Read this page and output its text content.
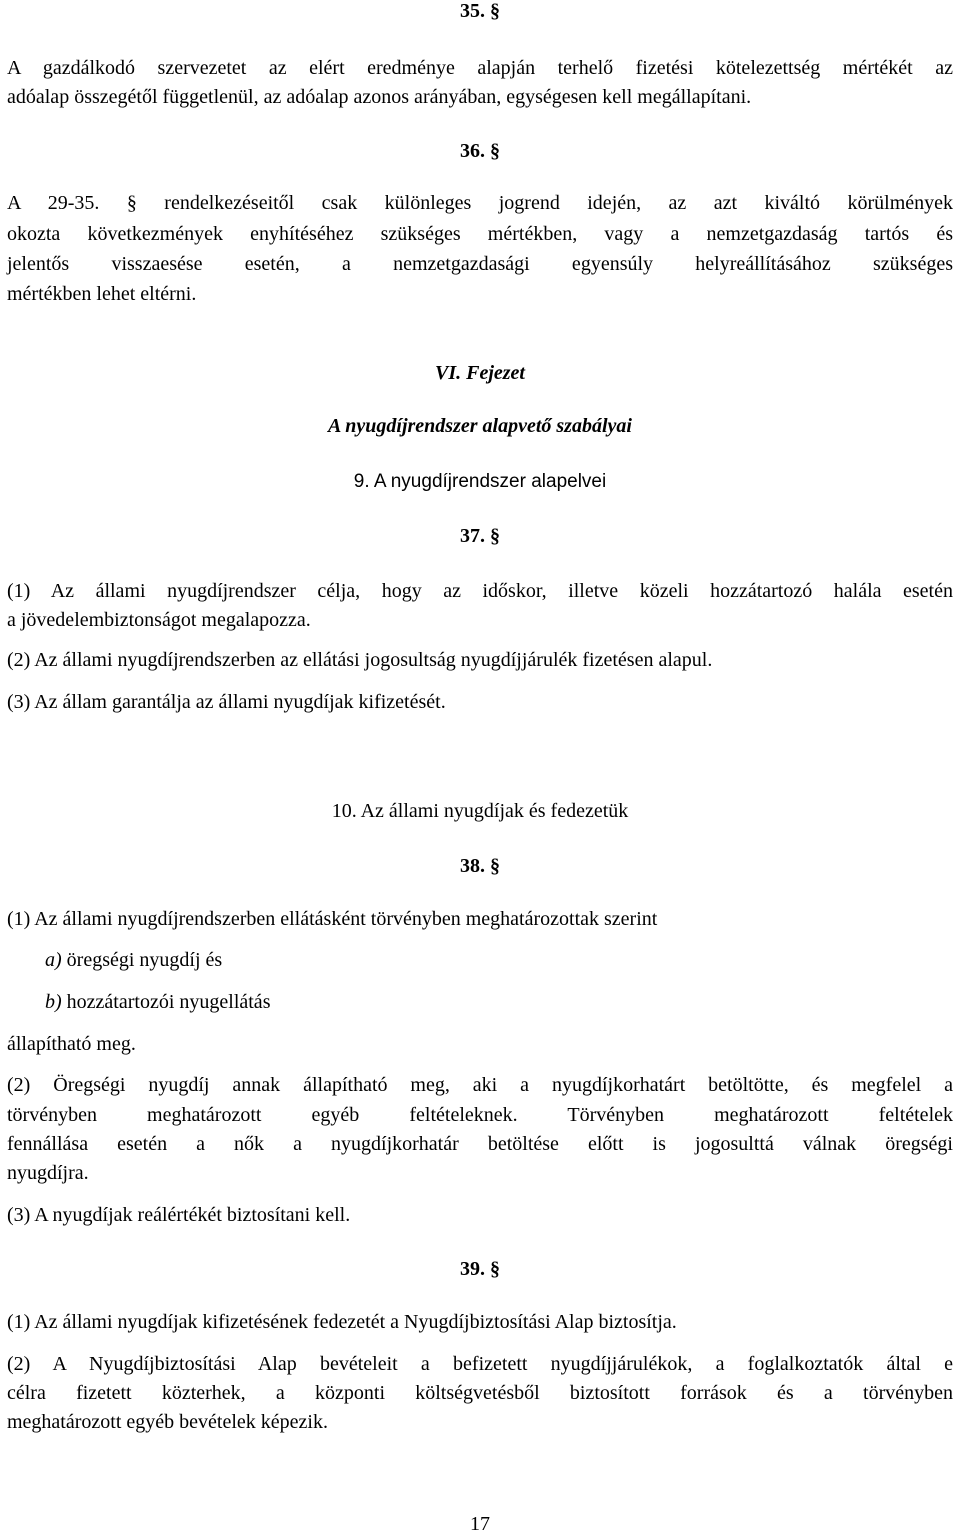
35. §
A gazdálkodó szervezetet az elért eredménye alapján terhelő fizetési kötelezettség mértékét az
adóalap összegétől függetlenül, az adóalap azonos arányában, egységesen kell megállapítani.
36. §
A 29-35. § rendelkezéseitől csak különleges jogrend idején, az azt kiváltó körülmények
okozta következmények enyhítéséhez szükséges mértékben, vagy a nemzetgazdaság tartós és
jelentős visszaesése esetén, a nemzetgazdasági egyensúly helyreállításához szükséges
mértékben lehet eltérni.
VI. Fejezet
A nyugdíjrendszer alapvető szabályai
9. A nyugdíjrendszer alapelvei
37. §
(1) Az állami nyugdíjrendszer célja, hogy az időskor, illetve közeli hozzátartozó halála esetén
a jövedelembiztonságot megalapozza.
(2) Az állami nyugdíjrendszerben az ellátási jogosultság nyugdíjjárulék fizetésen alapul.
(3) Az állam garantálja az állami nyugdíjak kifizetését.
10. Az állami nyugdíjak és fedezetük
38. §
(1) Az állami nyugdíjrendszerben ellátásként törvényben meghatározottak szerint
a) öregségi nyugdíj és
b) hozzátartozói nyugellátás
állapítható meg.
(2) Öregségi nyugdíj annak állapítható meg, aki a nyugdíjkorhatárt betöltötte, és megfelel a
törvényben meghatározott egyéb feltételeknek. Törvényben meghatározott feltételek
fennállása esetén a nők a nyugdíjkorhatár betöltése előtt is jogosulttá válnak öregségi
nyugdíjra.
(3) A nyugdíjak reálértékét biztosítani kell.
39. §
(1) Az állami nyugdíjak kifizetésének fedezetét a Nyugdíjbiztosítási Alap biztosítja.
(2) A Nyugdíjbiztosítási Alap bevételeit a befizetett nyugdíjjárulékok, a foglalkoztatók által e
célra fizetett közterhek, a központi költségvetésből biztosított források és a törvényben
meghatározott egyéb bevételek képezik.
17
